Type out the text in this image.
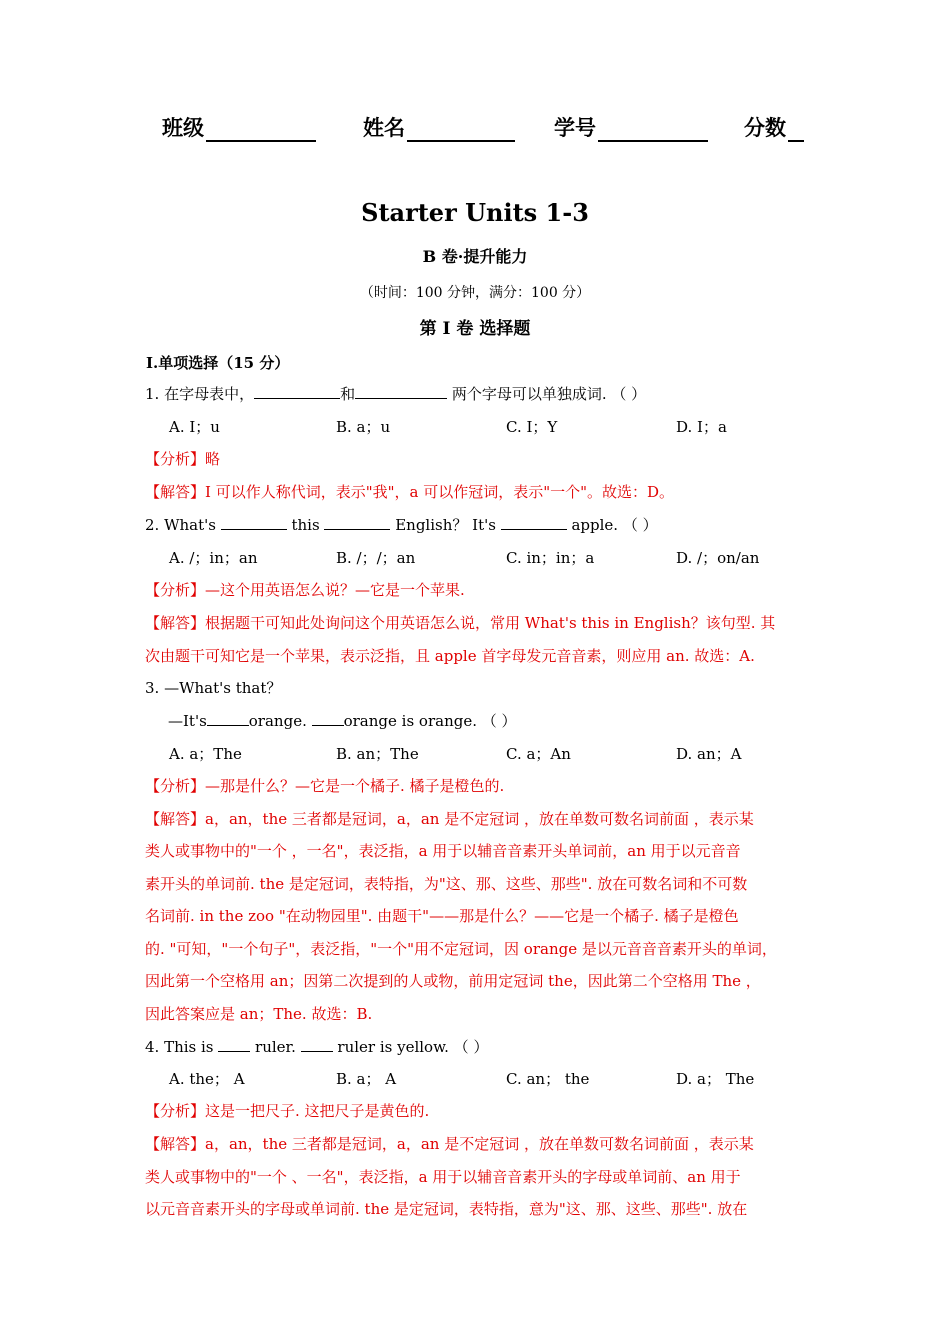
班级	姓名	学号	分数
Starter Units 1-3
B 卷·提升能力
（时间：100 分钟，满分：100 分）
第 I 卷 选择题
Ⅰ.单项选择（15 分）
1. 在字母表中，	和	两个字母可以单独成词. （ ）
A. I；u	B. a；u	C. I；Y	D. I；a
【分析】略
【解答】I 可以作人称代词，表示"我"，a 可以作冠词，表示"一个"。故选：D。
2. What's	this	English？ It's	apple. （ ）
A. /；in；an	B. /；/；an	C. in；in；a	D. /；on/an
【分析】—这个用英语怎么说？—它是一个苹果.
【解答】根据题干可知此处询问这个用英语怎么说，常用 What's this in English？该句型. 其
次由题干可知它是一个苹果，表示泛指，且 apple 首字母发元音音素，则应用 an. 故选：A.
3. —What's that？
—It's	orange. orange is orange. （ ）
A. a；The	B. an；The	C. a；An	D. an；A
【分析】—那是什么？—它是一个橘子. 橘子是橙色的.
【解答】a，an，the 三者都是冠词，a，an 是不定冠词 ，放在单数可数名词前面 ，表示某
类人或事物中的"一个 ，一名"，表泛指，a 用于以辅音音素开头单词前，an 用于以元音音
素开头的单词前. the 是定冠词，表特指，为"这、那、这些、那些". 放在可数名词和不可数
名词前. in the zoo "在动物园里". 由题干"——那是什么？——它是一个橘子. 橘子是橙色
的. "可知，"一个句子"，表泛指，"一个"用不定冠词，因 orange 是以元音音音素开头的单词，
因此第一个空格用 an；因第二次提到的人或物，前用定冠词 the，因此第二个空格用 The ，
因此答案应是 an；The. 故选：B.
4. This is  ruler.  ruler is yellow. （ ）
A. the； A	B. a； A	C. an； the	D. a； The
【分析】这是一把尺子. 这把尺子是黄色的.
【解答】a，an，the 三者都是冠词，a，an 是不定冠词 ，放在单数可数名词前面 ，表示某
类人或事物中的"一个 、一名"，表泛指，a 用于以辅音音素开头的字母或单词前、an 用于
以元音音素开头的字母或单词前. the 是定冠词，表特指，意为"这、那、这些、那些". 放在
